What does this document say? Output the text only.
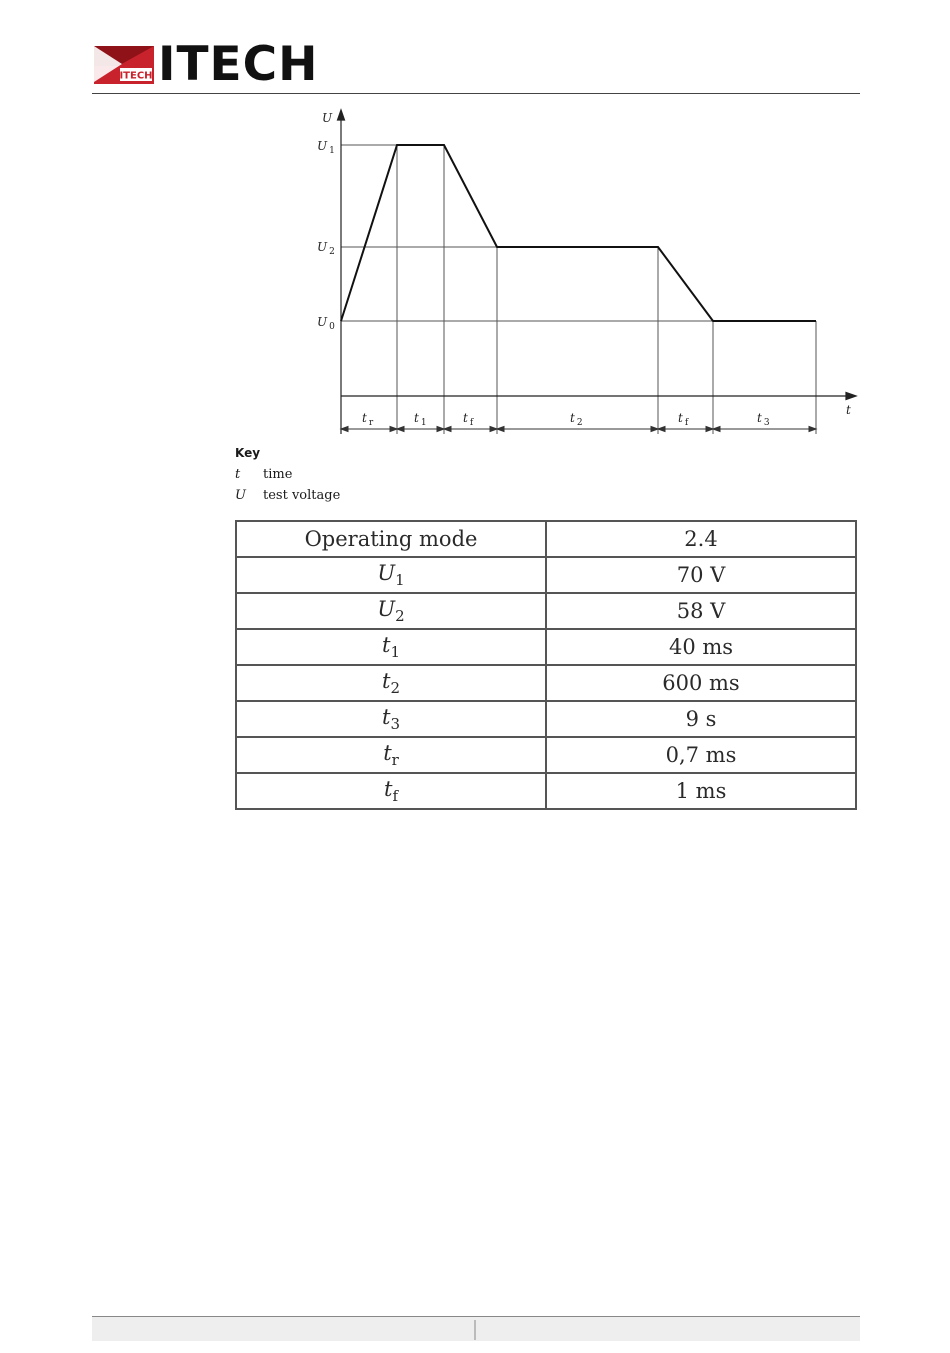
ITECH ITECH
U
t
U $_1$
U $_2$
U $_0$
t $_r$	t $_1$	t $_f$	t $_2$	t $_f$	t $_3$
Key
t time
U test voltage
Operating mode	2.4
$U_1$	70 V
$U_2$	58 V
$t_1$	40 ms
$t_2$	600 ms
$t_3$	9 s
$t_r$	0,7 ms
$t_f$	1 ms
